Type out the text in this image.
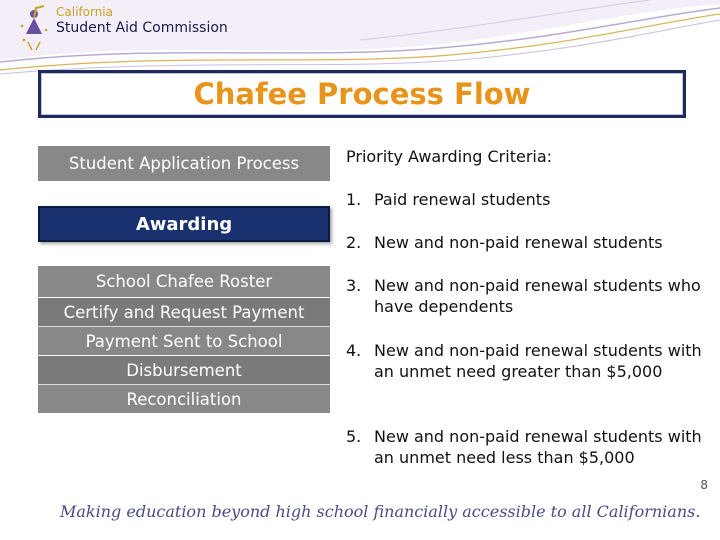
California
Student Aid Commission
Chafee Process Flow
Student Application Process
Awarding
School Chafee Roster
Certify and Request Payment
Payment Sent to School
Disbursement
Reconciliation
Priority Awarding Criteria:
1. Paid renewal students
2. New and non-paid renewal students
3. New and non-paid renewal students who have dependents
4. New and non-paid renewal students with an unmet need greater than $5,000
5. New and non-paid renewal students with an unmet need less than $5,000
8
Making education beyond high school financially accessible to all Californians.
